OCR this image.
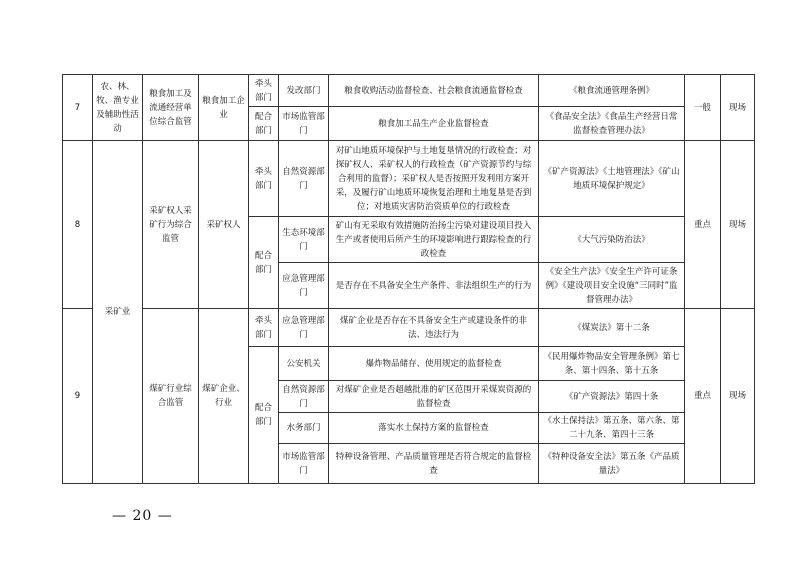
7	农、林、牧、渔专业及辅助性活动	粮食加工及流通经营单位综合监管	粮食加工企业	牵头部门	发改部门	粮食收购活动监督检查、社会粮食流通监督检查	《粮食流通管理条例》	一般	现场
				配合部门	市场监管部门	粮食加工品生产企业监督检查	《食品安全法》《食品生产经营日常监督检查管理办法》		
8	采矿业	采矿权人采矿行为综合监管	采矿权人	牵头部门	自然资源部门	对矿山地质环境保护与土地复垦情况的行政检查；对探矿权人、采矿权人的行政检查（矿产资源节约与综合利用的监督）；采矿权人是否按照开发利用方案开采，及履行矿山地质环境恢复治理和土地复垦是否到位；对地质灾害防治资质单位的行政检查	《矿产资源法》《土地管理法》《矿山地质环境保护规定》	重点	现场
				配合部门	生态环境部门	矿山有无采取有效措施防治扬尘污染对建设项目投入生产或者使用后所产生的环境影响进行跟踪检查的行政检查	《大气污染防治法》		
					应急管理部门	是否存在不具备安全生产条件、非法组织生产的行为	《安全生产法》《安全生产许可证条例》《建设项目安全设施“三同时”监督管理办法》		
9		煤矿行业综合监管	煤矿企业、行业	牵头部门	应急管理部门	煤矿企业是否存在不具备安全生产或建设条件的非法、违法行为	《煤炭法》第十二条	重点	现场
				配合部门	公安机关	爆炸物品储存、使用规定的监督检查	《民用爆炸物品安全管理条例》第七条、第十四条、第十五条		
					自然资源部门	对煤矿企业是否超越批准的矿区范围开采煤炭资源的监督检查	《矿产资源法》第四十条		
					水务部门	落实水土保持方案的监督检查	《水土保持法》第五条、第六条、第二十九条、第四十三条		
					市场监管部门	特种设备管理、产品质量管理是否符合规定的监督检查	《特种设备安全法》第五条《产品质量法》		
— 20 —
